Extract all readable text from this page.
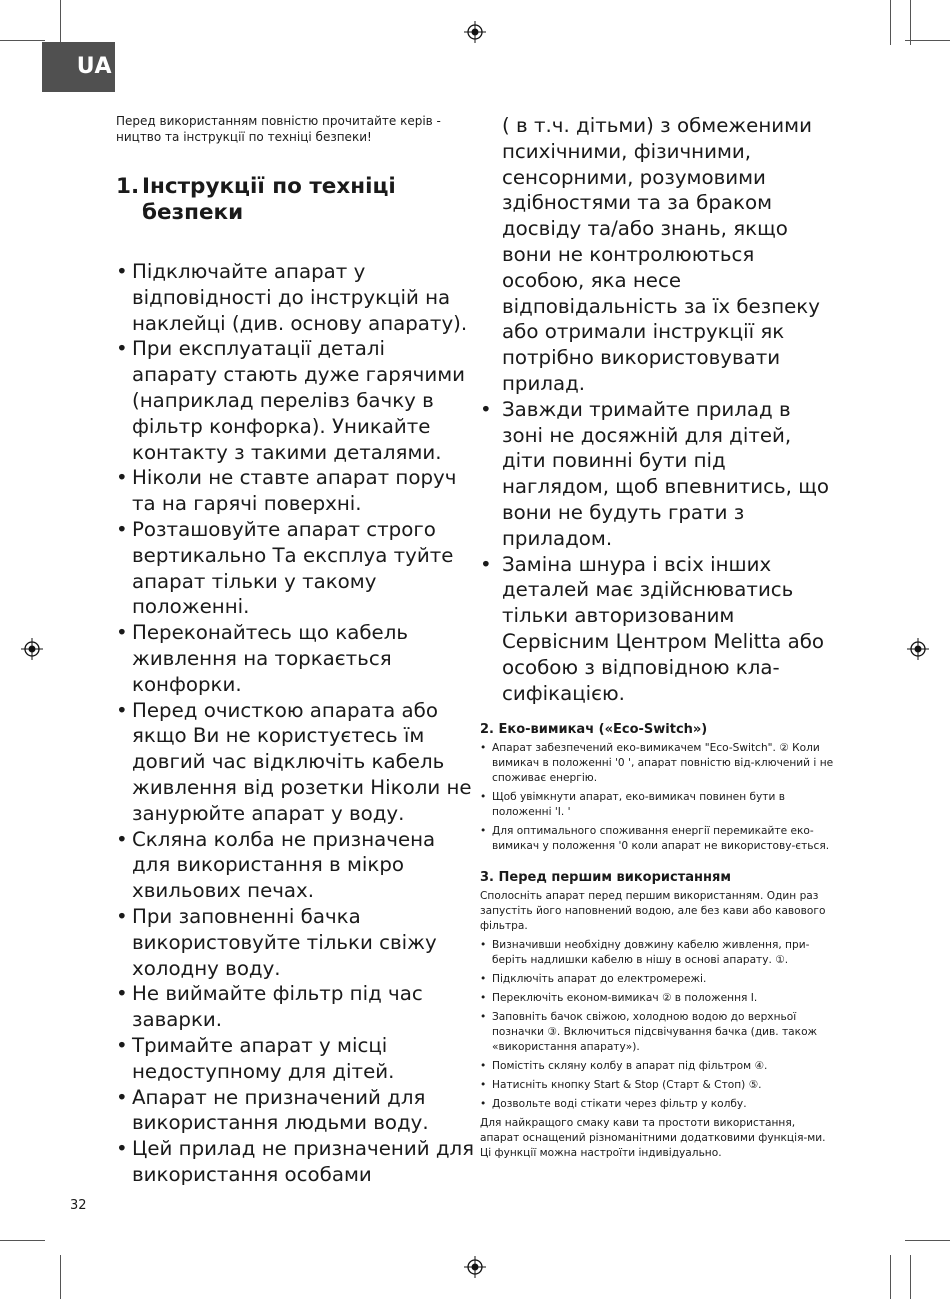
UA

Перед використанням повністю прочитайте керів - ництво та інструкції по техніці безпеки!

1. Інструкції по техніці
безпеки
• Підключайте апарат у відповідності до інструкцій на наклейці (див. основу апарату).
• При експлуатації деталі апарату стають дуже гарячими (наприклад перелівз бачку в фільтр конфорка). Уникайте контакту з такими деталями.
• Ніколи не ставте апарат поруч та на гарячі поверхні.
• Розташовуйте апарат строго вертикально Та експлуа туйте апарат тільки у такому положенні.
• Переконайтесь що кабель живлення на торкається конфорки.
• Перед очисткою апарата або якщо Ви не користуєтесь їм довгий час відключіть кабель живлення від розетки Ніколи не занурюйте апарат у воду.
• Скляна колба не призначена для використання в мікро хвильових печах.
• При заповненні бачка використовуйте тільки свіжу холодну воду.
• Не виймайте фільтр під час заварки.
• Тримайте апарат у місці недоступному для дітей.
• Апарат не призначений для використання людьми воду.
• Цей прилад не призначений для використання особами

( в т.ч. дітьми) з обмеженими психічними, фізичними, сенсорними, розумовими здібностями та за браком досвіду та/або знань, якщо вони не контролюються особою, яка несе відповідальність за їх безпеку або отримали інструкції як потрібно використовувати прилад.

• Завжди тримайте прилад в зоні не досяжній для дітей, діти повинні бути під наглядом, щоб впевнитись, що вони не будуть грати з приладом.
• Заміна шнура і всіх інших деталей має здійснюватись тільки авторизованим Сервісним Центром Melitta або особою з відповідною кла-сифікацією.
2. Еко-вимикач («Eco-Switch»)
• Апарат забезпечений еко-вимикачем "Eco-Switch". ② Коли вимикач в положенні '0 ', апарат повністю від-ключений і не споживає енергію.
• Щоб увімкнути апарат, еко-вимикач повинен бути в положенні 'I. '
• Для оптимального споживання енергії перемикайте еко-вимикач у положення '0 коли апарат не використову-ється.
3. Перед першим використанням

Сполосніть апарат перед першим використанням. Один раз запустіть його наповнений водою, але без кави або кавового фільтра.

• Визначивши необхідну довжину кабелю живлення, при-беріть надлишки кабелю в нішу в основі апарату. ①.
• Підключіть апарат до електромережі.
• Переключіть економ-вимикач ② в положення I.
• Заповніть бачок свіжою, холодною водою до верхньої позначки ③. Включиться підсвічування бачка (див. також «використання апарату»).
• Помістіть скляну колбу в апарат під фільтром ④.
• Натисніть кнопку Start & Stop (Старт & Стоп) ⑤.
• Дозвольте воді стікати через фільтр у колбу.

Для найкращого смаку кави та простоти використання, апарат оснащений різноманітними додатковими функція-ми. Ці функції можна настроїти індивідуально.

32
